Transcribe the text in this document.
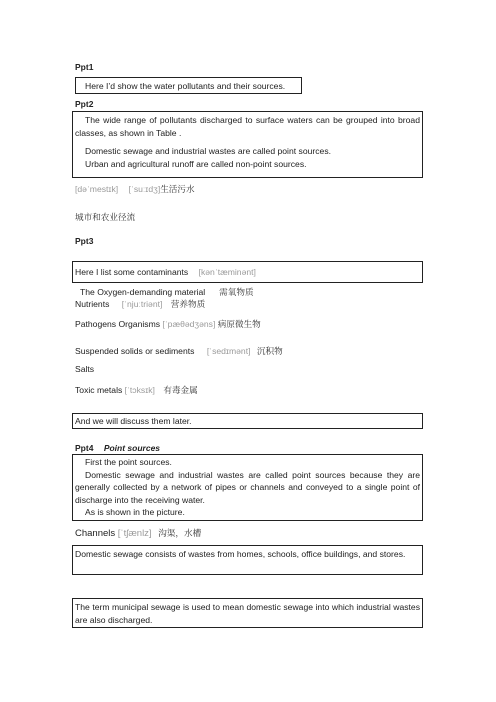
Ppt1
Here I’d show the water pollutants and their sources.
Ppt2

The wide range of pollutants discharged to surface waters can be grouped into broad classes, as shown in Table .

Domestic sewage and industrial wastes are called point sources.

Urban and agricultural runoff are called non-point sources.

[dəˈmestɪk] [ˈsuːɪdʒ]生活污水
城市和农业径流
Ppt3
Here I list some contaminants [kənˈtæminənt]
The Oxygen-demanding material 需氧物质
Nutrients [ˈnjuːtriənt] 营养物质
Pathogens Organisms [ˈpæθədʒəns] 病原微生物
Suspended solids or sediments [ˈsedɪmənt] 沉积物
Salts
Toxic metals [ˈtɔksɪk] 有毒金属
And we will discuss them later.
Ppt4 Point sources

First the point sources.

Domestic sewage and industrial wastes are called point sources because they are generally collected by a network of pipes or channels and conveyed to a single point of discharge into the receiving water.

As is shown in the picture.

Channels [ˈtʃænlz] 沟渠，水槽
Domestic sewage consists of wastes from homes, schools, office buildings, and stores.
The term municipal sewage is used to mean domestic sewage into which industrial wastes are also discharged.
